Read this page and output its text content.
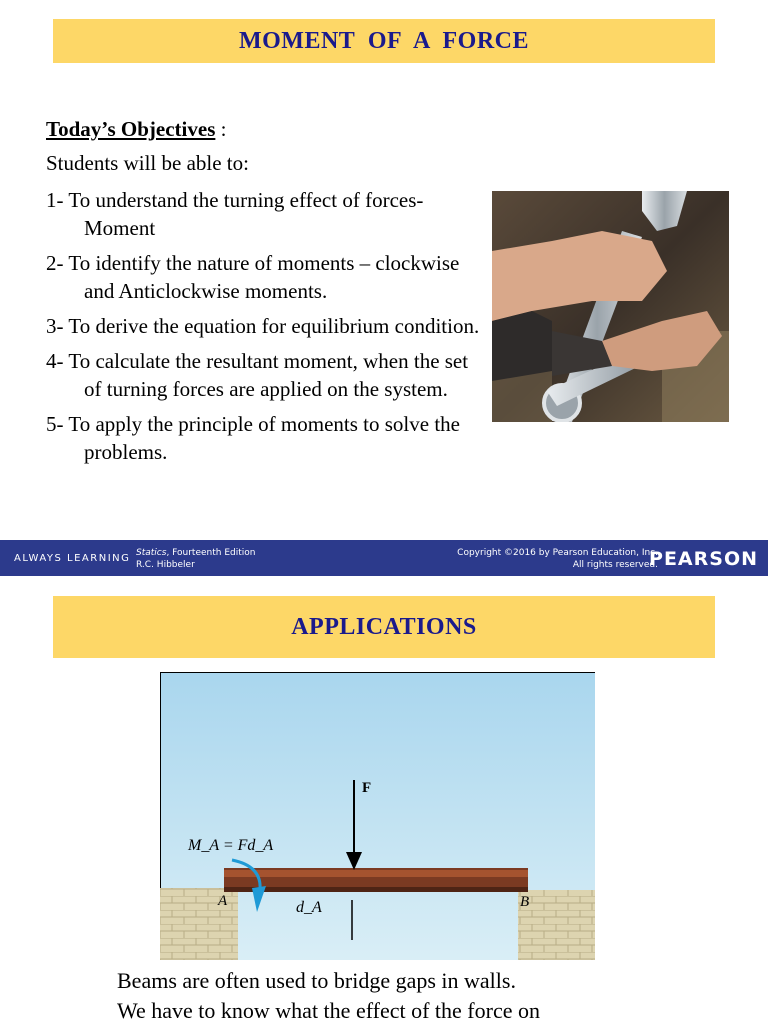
MOMENT  OF  A  FORCE
Today’s Objectives :
Students will be able to:
1- To understand the turning effect of forces- Moment
2- To identify the nature of moments – clockwise and Anticlockwise moments.
3- To derive the equation for equilibrium condition.
4- To calculate the resultant moment, when the set of turning forces are applied on the system.
5- To apply the principle of moments to solve the problems.
ALWAYS LEARNING Statics, Fourteenth Edition
R.C. Hibbeler
Copyright ©2016 by Pearson Education, Inc.
All rights reserved.
PEARSON
APPLICATIONS
F
M_A = Fd_A
d_A
A	B
Beams are often used to bridge gaps in walls.
We have to know what the effect of the force on
